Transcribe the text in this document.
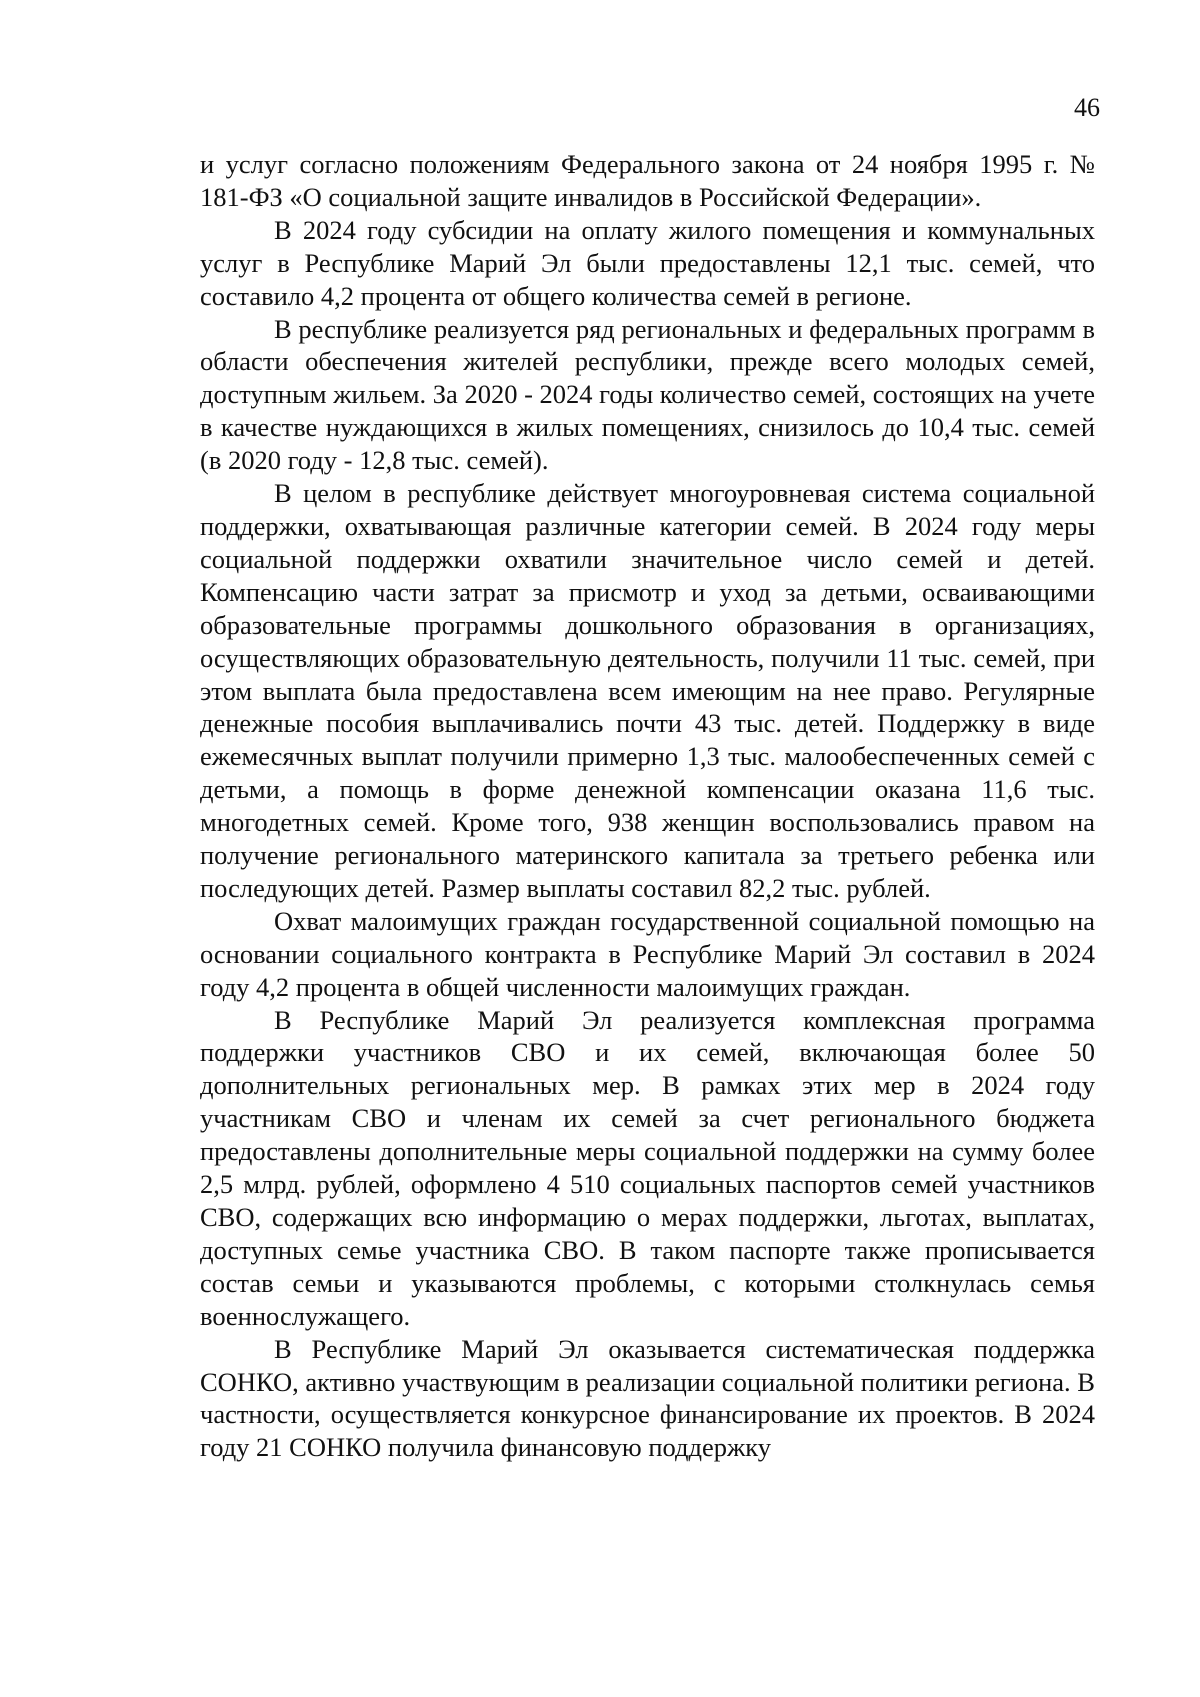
46

и услуг согласно положениям Федерального закона от 24 ноября 1995 г. № 181-ФЗ «О социальной защите инвалидов в Российской Федерации».

В 2024 году субсидии на оплату жилого помещения и коммунальных услуг в Республике Марий Эл были предоставлены 12,1 тыс. семей, что составило 4,2 процента от общего количества семей в регионе.

В республике реализуется ряд региональных и федеральных программ в области обеспечения жителей республики, прежде всего молодых семей, доступным жильем. За 2020 - 2024 годы количество семей, состоящих на учете в качестве нуждающихся в жилых помещениях, снизилось до 10,4 тыс. семей (в 2020 году - 12,8 тыс. семей).

В целом в республике действует многоуровневая система социальной поддержки, охватывающая различные категории семей. В 2024 году меры социальной поддержки охватили значительное число семей и детей. Компенсацию части затрат за присмотр и уход за детьми, осваивающими образовательные программы дошкольного образования в организациях, осуществляющих образовательную деятельность, получили 11 тыс. семей, при этом выплата была предоставлена всем имеющим на нее право. Регулярные денежные пособия выплачивались почти 43 тыс. детей. Поддержку в виде ежемесячных выплат получили примерно 1,3 тыс. малообеспеченных семей с детьми, а помощь в форме денежной компенсации оказана 11,6 тыс. многодетных семей. Кроме того, 938 женщин воспользовались правом на получение регионального материнского капитала за третьего ребенка или последующих детей. Размер выплаты составил 82,2 тыс. рублей.

Охват малоимущих граждан государственной социальной помощью на основании социального контракта в Республике Марий Эл составил в 2024 году 4,2 процента в общей численности малоимущих граждан.

В Республике Марий Эл реализуется комплексная программа поддержки участников СВО и их семей, включающая более 50 дополнительных региональных мер. В рамках этих мер в 2024 году участникам СВО и членам их семей за счет регионального бюджета предоставлены дополнительные меры социальной поддержки на сумму более 2,5 млрд. рублей, оформлено 4 510 социальных паспортов семей участников СВО, содержащих всю информацию о мерах поддержки, льготах, выплатах, доступных семье участника СВО. В таком паспорте также прописывается состав семьи и указываются проблемы, с которыми столкнулась семья военнослужащего.

В Республике Марий Эл оказывается систематическая поддержка СОНКО, активно участвующим в реализации социальной политики региона. В частности, осуществляется конкурсное финансирование их проектов. В 2024 году 21 СОНКО получила финансовую поддержку
